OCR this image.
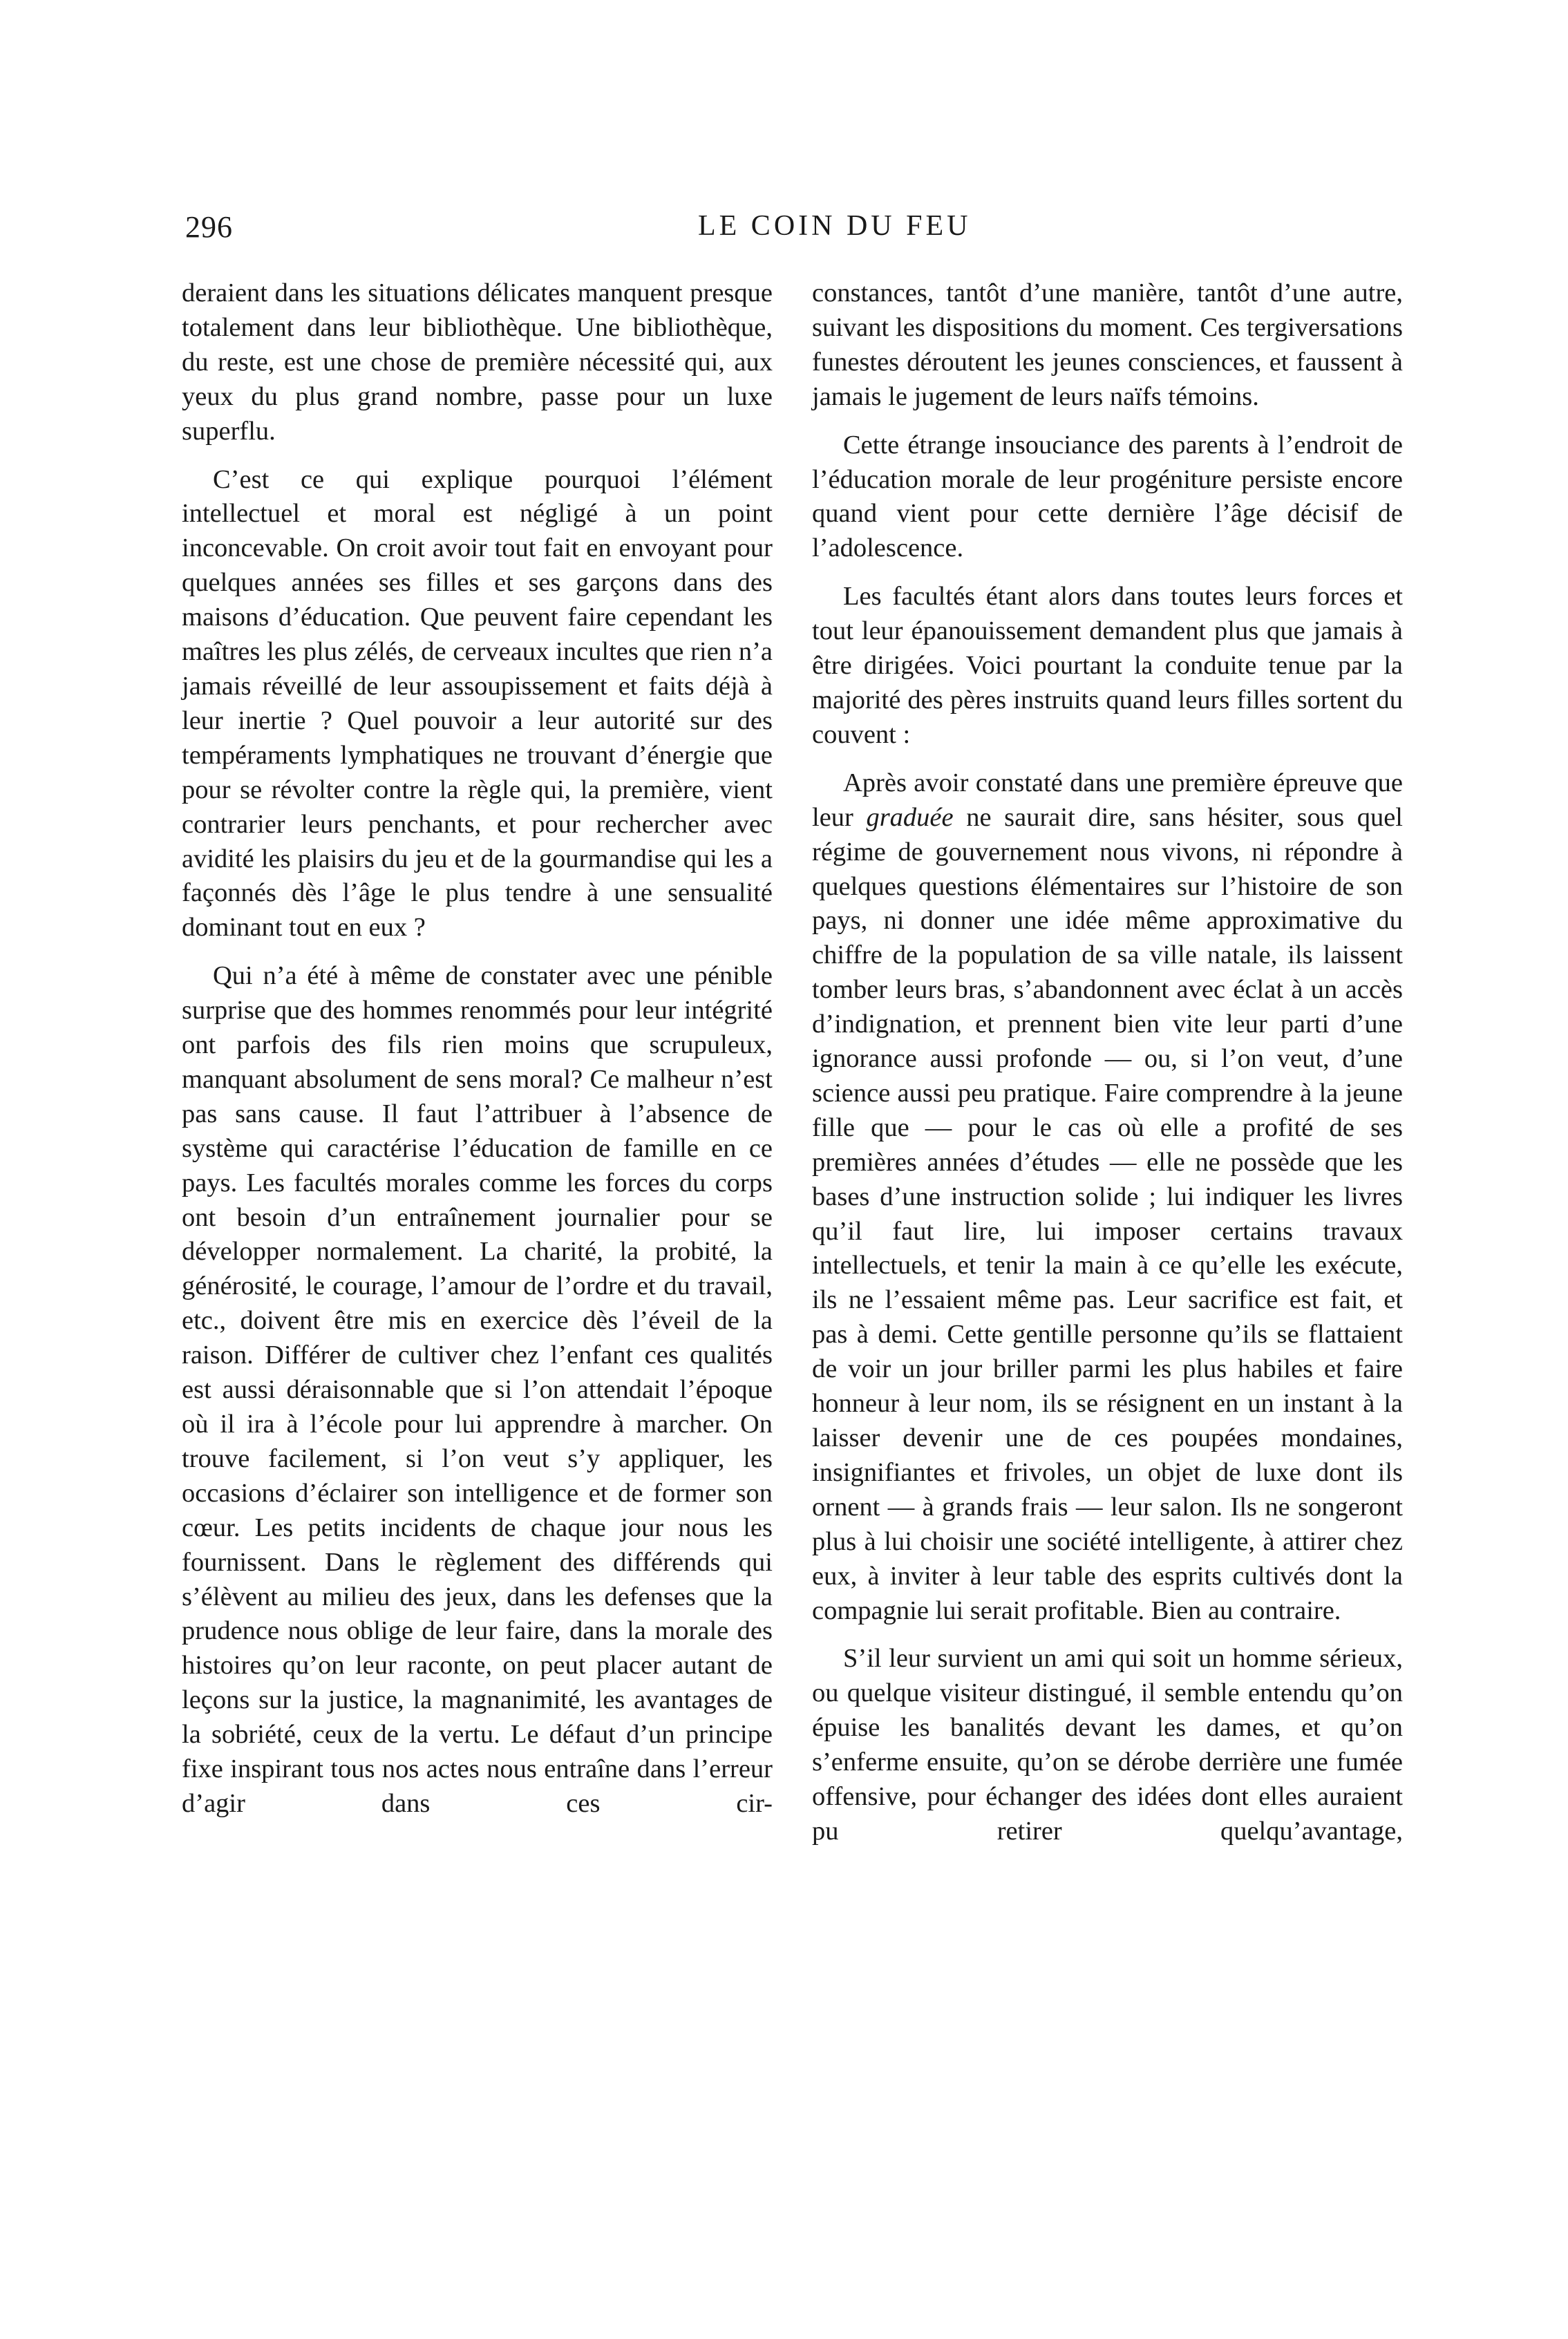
296	LE COIN DU FEU

deraient dans les situations délicates manquent presque totalement dans leur bibliothèque. Une bibliothèque, du reste, est une chose de première nécessité qui, aux yeux du plus grand nombre, passe pour un luxe superflu.

C’est ce qui explique pourquoi l’élément intellectuel et moral est négligé à un point inconcevable. On croit avoir tout fait en envoyant pour quelques années ses filles et ses garçons dans des maisons d’éducation. Que peuvent faire cependant les maîtres les plus zélés, de cerveaux incultes que rien n’a jamais réveillé de leur assoupissement et faits déjà à leur inertie ? Quel pouvoir a leur autorité sur des tempéraments lymphatiques ne trouvant d’énergie que pour se révolter contre la règle qui, la première, vient contrarier leurs penchants, et pour rechercher avec avidité les plaisirs du jeu et de la gourmandise qui les a façonnés dès l’âge le plus tendre à une sensualité dominant tout en eux ?

Qui n’a été à même de constater avec une pénible surprise que des hommes renommés pour leur intégrité ont parfois des fils rien moins que scrupuleux, manquant absolument de sens moral? Ce malheur n’est pas sans cause. Il faut l’attribuer à l’absence de système qui caractérise l’éducation de famille en ce pays. Les facultés morales comme les forces du corps ont besoin d’un entraînement journalier pour se développer normalement. La charité, la probité, la générosité, le courage, l’amour de l’ordre et du travail, etc., doivent être mis en exercice dès l’éveil de la raison. Différer de cultiver chez l’enfant ces qualités est aussi déraisonnable que si l’on attendait l’époque où il ira à l’école pour lui apprendre à marcher. On trouve facilement, si l’on veut s’y appliquer, les occasions d’éclairer son intelligence et de former son cœur. Les petits incidents de chaque jour nous les fournissent. Dans le règlement des différends qui s’élèvent au milieu des jeux, dans les defenses que la prudence nous oblige de leur faire, dans la morale des histoires qu’on leur raconte, on peut placer autant de leçons sur la justice, la magnanimité, les avantages de la sobriété, ceux de la vertu. Le défaut d’un principe fixe inspirant tous nos actes nous entraîne dans l’erreur d’agir dans ces cir-

constances, tantôt d’une manière, tantôt d’une autre, suivant les dispositions du moment. Ces tergiversations funestes déroutent les jeunes consciences, et faussent à jamais le jugement de leurs naïfs témoins.

Cette étrange insouciance des parents à l’endroit de l’éducation morale de leur progéniture persiste encore quand vient pour cette dernière l’âge décisif de l’adolescence.

Les facultés étant alors dans toutes leurs forces et tout leur épanouissement demandent plus que jamais à être dirigées. Voici pourtant la conduite tenue par la majorité des pères instruits quand leurs filles sortent du couvent :

Après avoir constaté dans une première épreuve que leur graduée ne saurait dire, sans hésiter, sous quel régime de gouvernement nous vivons, ni répondre à quelques questions élémentaires sur l’histoire de son pays, ni donner une idée même approximative du chiffre de la population de sa ville natale, ils laissent tomber leurs bras, s’abandonnent avec éclat à un accès d’indignation, et prennent bien vite leur parti d’une ignorance aussi profonde — ou, si l’on veut, d’une science aussi peu pratique. Faire comprendre à la jeune fille que — pour le cas où elle a profité de ses premières années d’études — elle ne possède que les bases d’une instruction solide ; lui indiquer les livres qu’il faut lire, lui imposer certains travaux intellectuels, et tenir la main à ce qu’elle les exécute, ils ne l’essaient même pas. Leur sacrifice est fait, et pas à demi. Cette gentille personne qu’ils se flattaient de voir un jour briller parmi les plus habiles et faire honneur à leur nom, ils se résignent en un instant à la laisser devenir une de ces poupées mondaines, insignifiantes et frivoles, un objet de luxe dont ils ornent — à grands frais — leur salon. Ils ne songeront plus à lui choisir une société intelligente, à attirer chez eux, à inviter à leur table des esprits cultivés dont la compagnie lui serait profitable. Bien au contraire.

S’il leur survient un ami qui soit un homme sérieux, ou quelque visiteur distingué, il semble entendu qu’on épuise les banalités devant les dames, et qu’on s’enferme ensuite, qu’on se dérobe derrière une fumée offensive, pour échanger des idées dont elles auraient pu retirer quelqu’avantage,
